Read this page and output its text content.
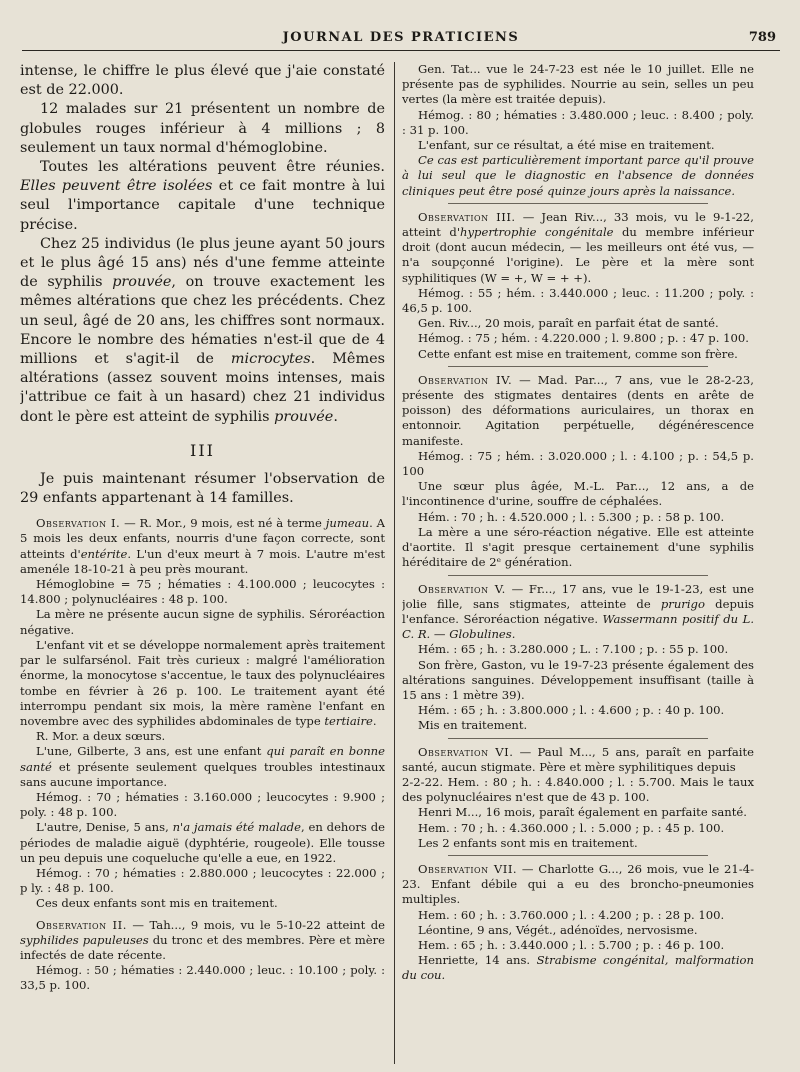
JOURNAL DES PRATICIENS	789

intense, le chiffre le plus élevé que j'aie constaté est de 22.000.

12 malades sur 21 présentent un nombre de globules rouges inférieur à 4 millions ; 8 seulement un taux normal d'hémoglobine.

Toutes les altérations peuvent être réunies. Elles peuvent être isolées et ce fait montre à lui seul l'importance capitale d'une technique précise.

Chez 25 individus (le plus jeune ayant 50 jours et le plus âgé 15 ans) nés d'une femme atteinte de syphilis prouvée, on trouve exactement les mêmes altérations que chez les précédents. Chez un seul, âgé de 20 ans, les chiffres sont normaux. Encore le nombre des hématies n'est-il que de 4 millions et s'agit-il de microcytes. Mêmes altérations (assez souvent moins intenses, mais j'attribue ce fait à un hasard) chez 21 individus dont le père est atteint de syphilis prouvée.

III

Je puis maintenant résumer l'observation de 29 enfants appartenant à 14 familles.

Observation I. — R. Mor., 9 mois, est né à terme jumeau. A 5 mois les deux enfants, nourris d'une façon correcte, sont atteints d'entérite. L'un d'eux meurt à 7 mois. L'autre m'est amenéle 18-10-21 à peu près mourant.

Hémoglobine = 75 ; hématies : 4.100.000 ; leucocytes : 14.800 ; polynucléaires : 48 p. 100.

La mère ne présente aucun signe de syphilis. Séroréaction négative.

L'enfant vit et se développe normalement après traitement par le sulfarsénol. Fait très curieux : malgré l'amélioration énorme, la monocytose s'accentue, le taux des polynucléaires tombe en février à 26 p. 100. Le traitement ayant été interrompu pendant six mois, la mère ramène l'enfant en novembre avec des syphilides abdominales de type tertiaire.

R. Mor. a deux sœurs.

L'une, Gilberte, 3 ans, est une enfant qui paraît en bonne santé et présente seulement quelques troubles intestinaux sans aucune importance.

Hémog. : 70 ; hématies : 3.160.000 ; leucocytes : 9.900 ; poly. : 48 p. 100.

L'autre, Denise, 5 ans, n'a jamais été malade, en dehors de périodes de maladie aiguë (dyphtérie, rougeole). Elle tousse un peu depuis une coqueluche qu'elle a eue, en 1922.

Hémog. : 70 ; hématies : 2.880.000 ; leucocytes : 22.000 ; p ly. : 48 p. 100.

Ces deux enfants sont mis en traitement.

Observation II. — Tah..., 9 mois, vu le 5-10-22 atteint de syphilides papuleuses du tronc et des membres. Père et mère infectés de date récente.

Hémog. : 50 ; hématies : 2.440.000 ; leuc. : 10.100 ; poly. : 33,5 p. 100.

Gen. Tat... vue le 24-7-23 est née le 10 juillet. Elle ne présente pas de syphilides. Nourrie au sein, selles un peu vertes (la mère est traitée depuis).

Hémog. : 80 ; hématies : 3.480.000 ; leuc. : 8.400 ; poly. : 31 p. 100.

L'enfant, sur ce résultat, a été mise en traitement.

Ce cas est particulièrement important parce qu'il prouve à lui seul que le diagnostic en l'absence de données cliniques peut être posé quinze jours après la naissance.

Observation III. — Jean Riv..., 33 mois, vu le 9-1-22, atteint d'hypertrophie congénitale du membre inférieur droit (dont aucun médecin, — les meilleurs ont été vus, — n'a soupçonné l'origine). Le père et la mère sont syphilitiques (W = +, W = + +).

Hémog. : 55 ; hém. : 3.440.000 ; leuc. : 11.200 ; poly. : 46,5 p. 100.

Gen. Riv..., 20 mois, paraît en parfait état de santé.

Hémog. : 75 ; hém. : 4.220.000 ; l. 9.800 ; p. : 47 p. 100.

Cette enfant est mise en traitement, comme son frère.

Observation IV. — Mad. Par..., 7 ans, vue le 28-2-23, présente des stigmates dentaires (dents en arête de poisson) des déformations auriculaires, un thorax en entonnoir. Agitation perpétuelle, dégénérescence manifeste.

Hémog. : 75 ; hém. : 3.020.000 ; l. : 4.100 ; p. : 54,5 p. 100

Une sœur plus âgée, M.-L. Par..., 12 ans, a de l'incontinence d'urine, souffre de céphalées.

Hém. : 70 ; h. : 4.520.000 ; l. : 5.300 ; p. : 58 p. 100.

La mère a une séro-réaction négative. Elle est atteinte d'aortite. Il s'agit presque certainement d'une syphilis héréditaire de 2ᵉ génération.

Observation V. — Fr..., 17 ans, vue le 19-1-23, est une jolie fille, sans stigmates, atteinte de prurigo depuis l'enfance. Séroréaction négative. Wassermann positif du L. C. R. — Globulines.

Hém. : 65 ; h. : 3.280.000 ; L. : 7.100 ; p. : 55 p. 100.

Son frère, Gaston, vu le 19-7-23 présente également des altérations sanguines. Développement insuffisant (taille à 15 ans : 1 mètre 39).

Hém. : 65 ; h. : 3.800.000 ; l. : 4.600 ; p. : 40 p. 100.

Mis en traitement.

Observation VI. — Paul M..., 5 ans, paraît en parfaite santé, aucun stigmate. Père et mère syphilitiques depuis

2-2-22. Hem. : 80 ; h. : 4.840.000 ; l. : 5.700. Mais le taux des polynucléaires n'est que de 43 p. 100.

Henri M..., 16 mois, paraît également en parfaite santé.

Hem. : 70 ; h. : 4.360.000 ; l. : 5.000 ; p. : 45 p. 100.

Les 2 enfants sont mis en traitement.

Observation VII. — Charlotte G..., 26 mois, vue le 21-4-23. Enfant débile qui a eu des broncho-pneumonies multiples.

Hem. : 60 ; h. : 3.760.000 ; l. : 4.200 ; p. : 28 p. 100.

Léontine, 9 ans, Végét., adénoïdes, nervosisme.

Hem. : 65 ; h. : 3.440.000 ; l. : 5.700 ; p. : 46 p. 100.

Henriette, 14 ans. Strabisme congénital, malformation du cou.
